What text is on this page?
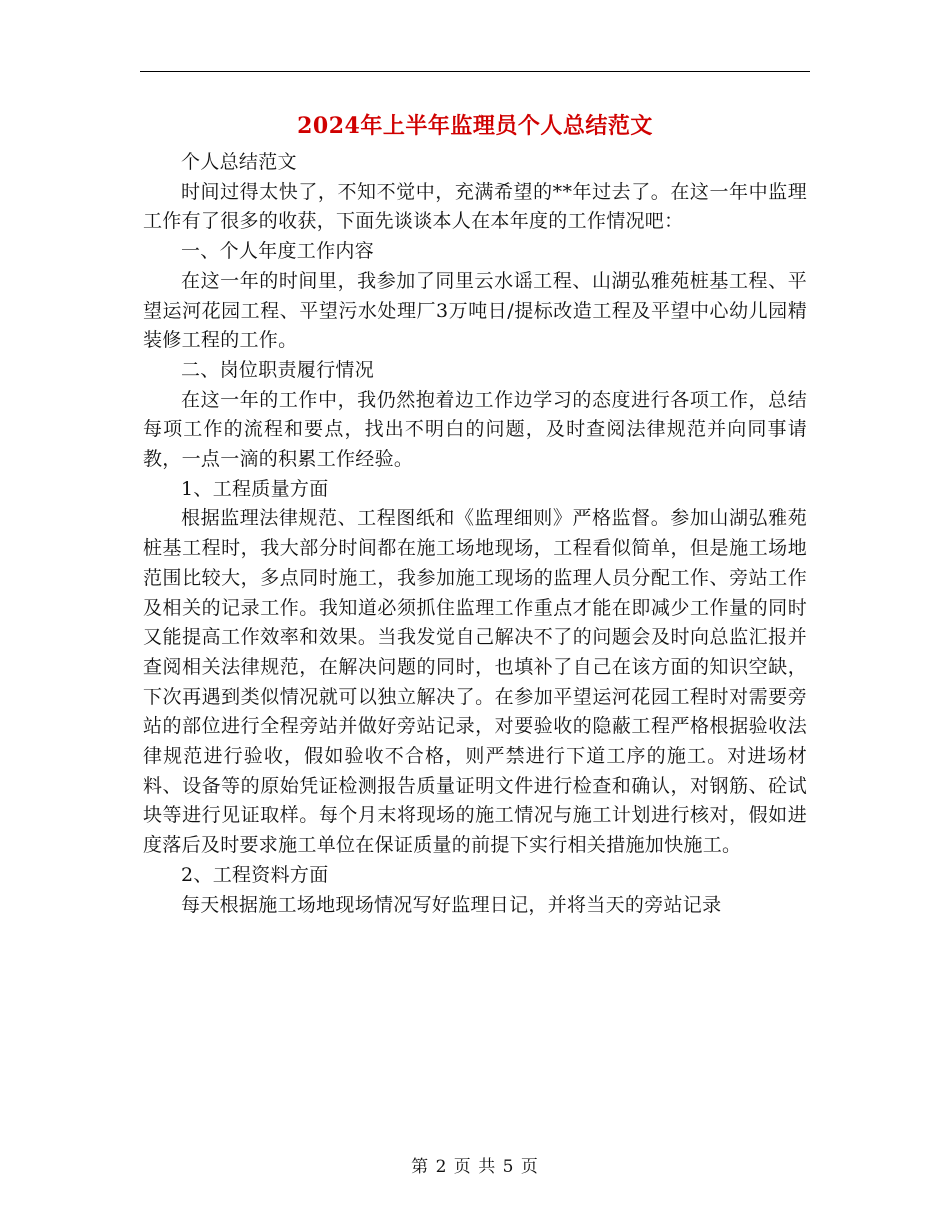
2024年上半年监理员个人总结范文

个人总结范文

时间过得太快了，不知不觉中，充满希望的**年过去了。在这一年中监理工作有了很多的收获，下面先谈谈本人在本年度的工作情况吧：

一、个人年度工作内容

在这一年的时间里，我参加了同里云水谣工程、山湖弘雅苑桩基工程、平望运河花园工程、平望污水处理厂3万吨日/提标改造工程及平望中心幼儿园精装修工程的工作。

二、岗位职责履行情况

在这一年的工作中，我仍然抱着边工作边学习的态度进行各项工作，总结每项工作的流程和要点，找出不明白的问题，及时查阅法律规范并向同事请教，一点一滴的积累工作经验。

1、工程质量方面

根据监理法律规范、工程图纸和《监理细则》严格监督。参加山湖弘雅苑桩基工程时，我大部分时间都在施工场地现场，工程看似简单，但是施工场地范围比较大，多点同时施工，我参加施工现场的监理人员分配工作、旁站工作及相关的记录工作。我知道必须抓住监理工作重点才能在即减少工作量的同时又能提高工作效率和效果。当我发觉自己解决不了的问题会及时向总监汇报并查阅相关法律规范，在解决问题的同时，也填补了自己在该方面的知识空缺，下次再遇到类似情况就可以独立解决了。在参加平望运河花园工程时对需要旁站的部位进行全程旁站并做好旁站记录，对要验收的隐蔽工程严格根据验收法律规范进行验收，假如验收不合格，则严禁进行下道工序的施工。对进场材料、设备等的原始凭证检测报告质量证明文件进行检查和确认，对钢筋、砼试块等进行见证取样。每个月末将现场的施工情况与施工计划进行核对，假如进度落后及时要求施工单位在保证质量的前提下实行相关措施加快施工。

2、工程资料方面

每天根据施工场地现场情况写好监理日记，并将当天的旁站记录

第 2 页 共 5 页
